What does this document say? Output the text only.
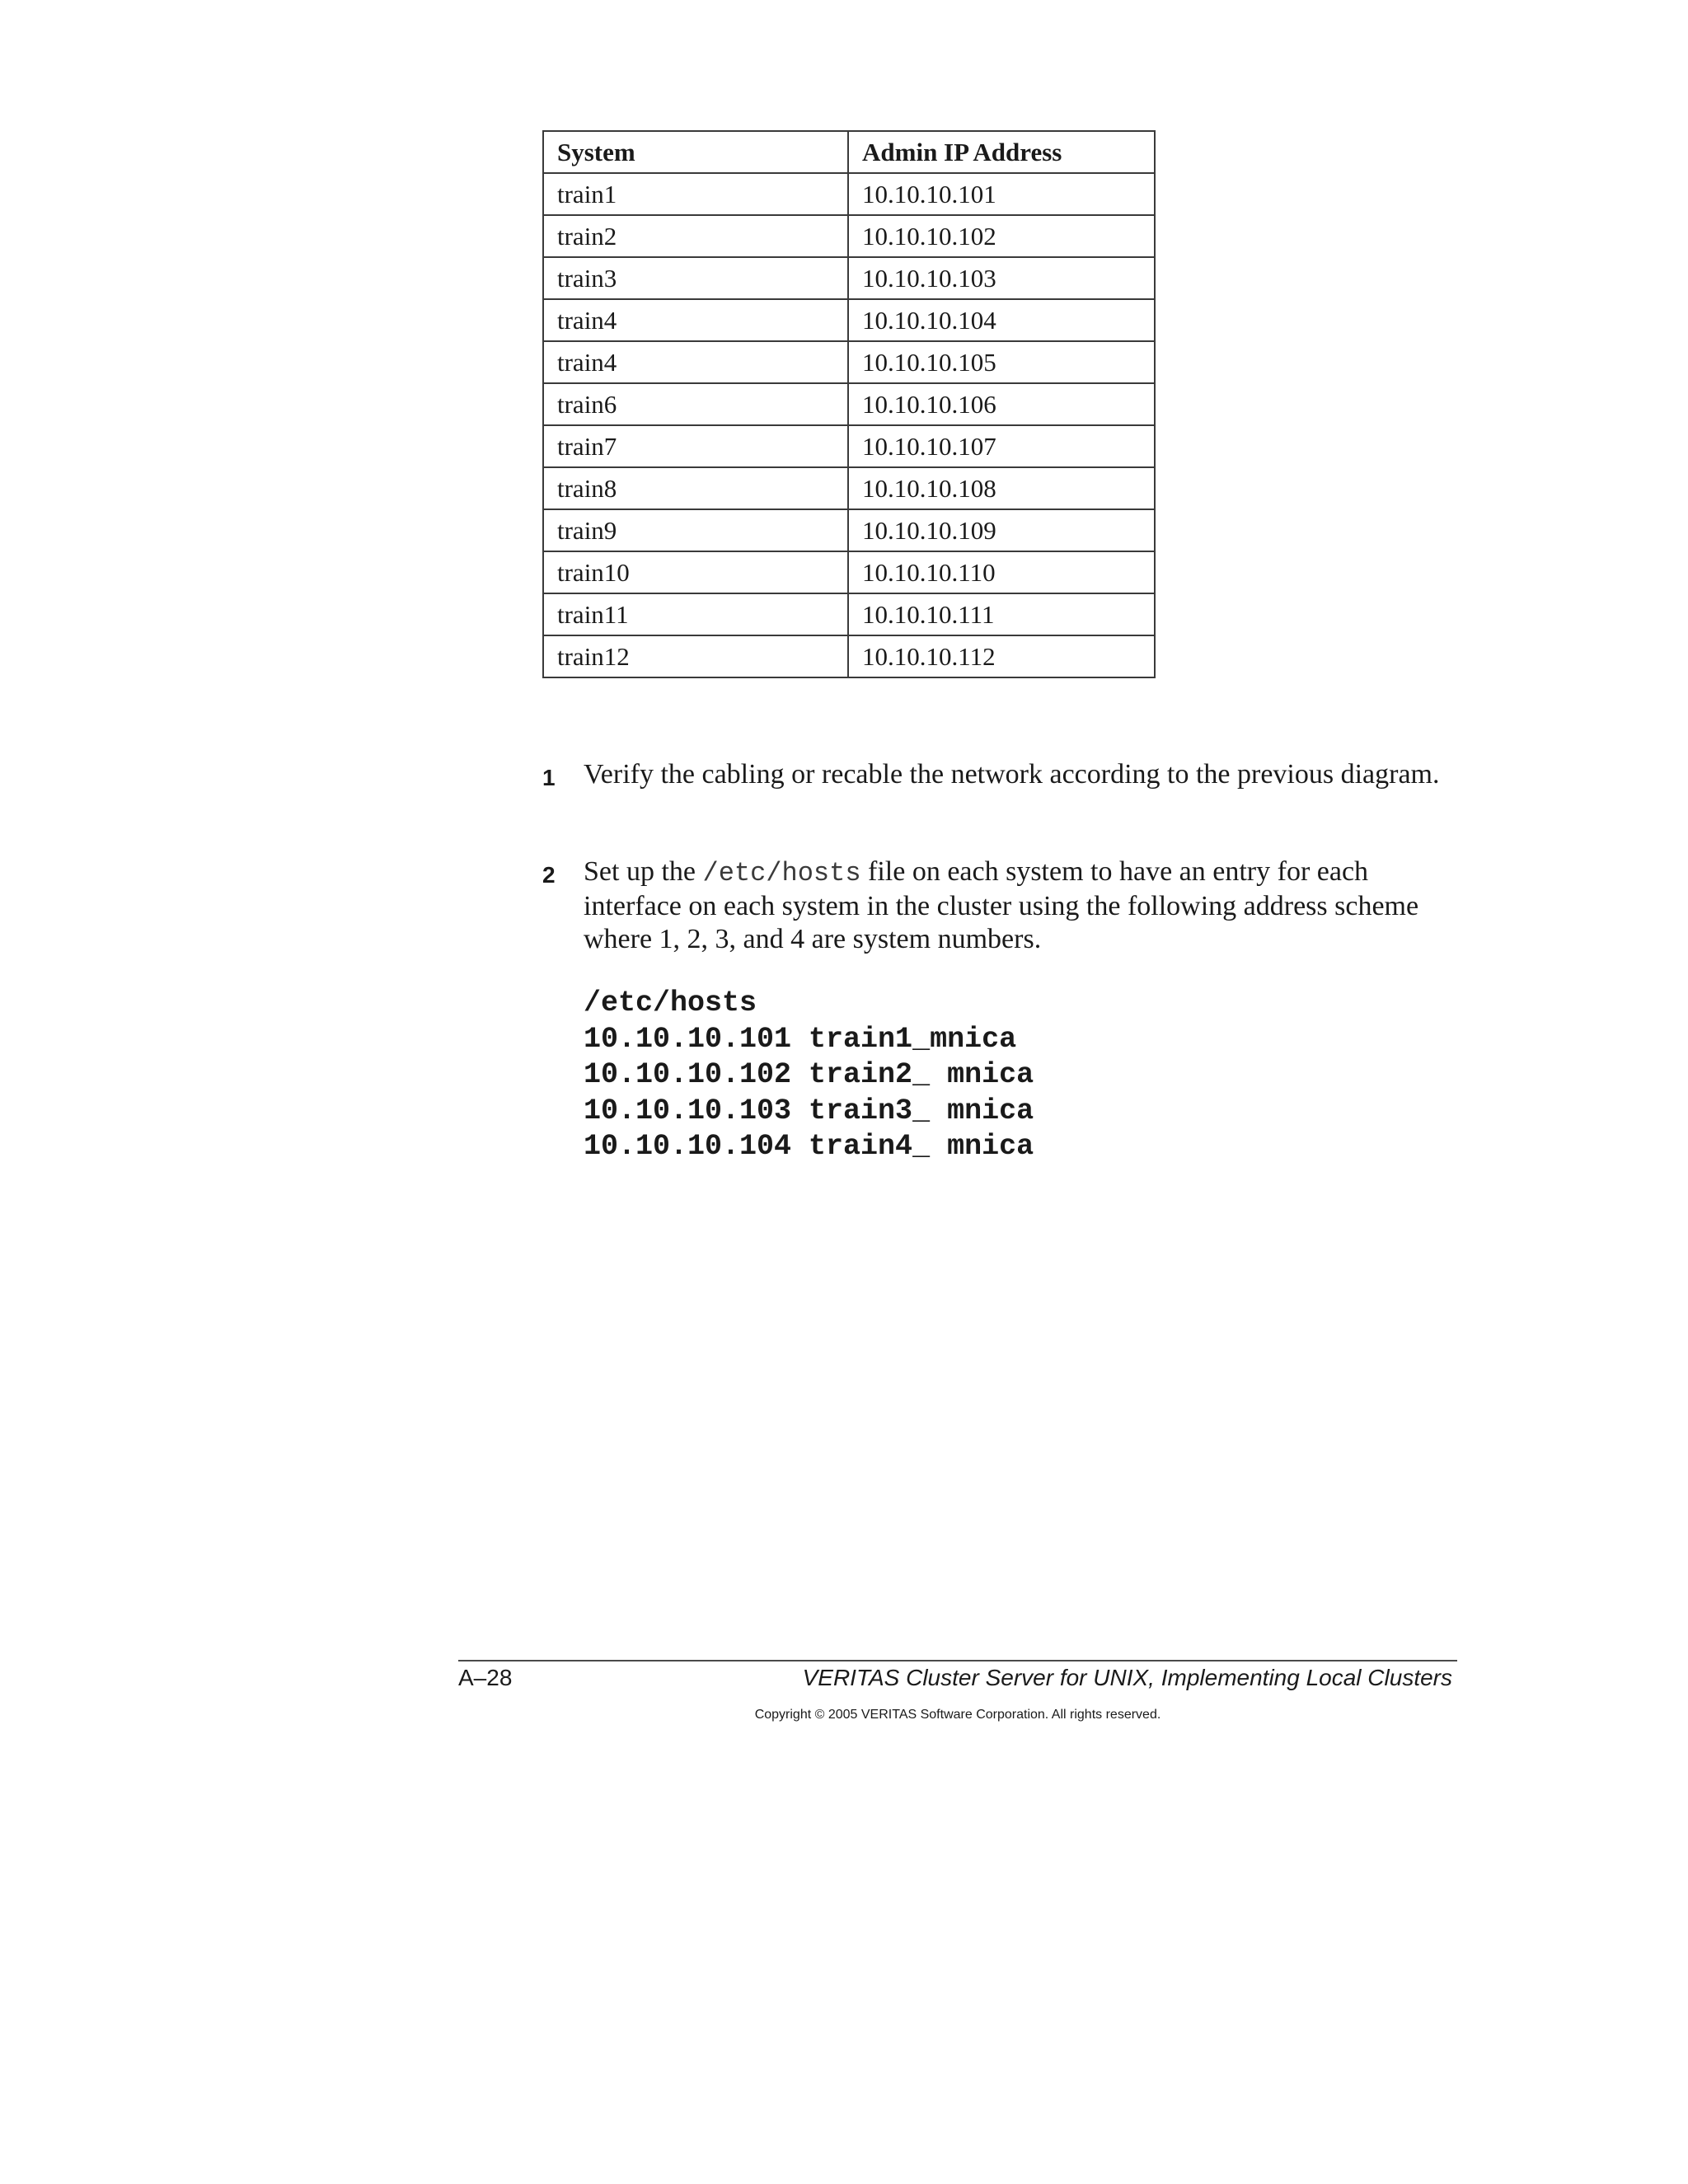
System	Admin IP Address
train1	10.10.10.101
train2	10.10.10.102
train3	10.10.10.103
train4	10.10.10.104
train4	10.10.10.105
train6	10.10.10.106
train7	10.10.10.107
train8	10.10.10.108
train9	10.10.10.109
train10	10.10.10.110
train11	10.10.10.111
train12	10.10.10.112
1 Verify the cabling or recable the network according to the previous diagram.
2 Set up the /etc/hosts file on each system to have an entry for each interface on each system in the cluster using the following address scheme where 1, 2, 3, and 4 are system numbers.
/etc/hosts
10.10.10.101 train1_mnica
10.10.10.102 train2_ mnica
10.10.10.103 train3_ mnica
10.10.10.104 train4_ mnica
A–28	VERITAS Cluster Server for UNIX, Implementing Local Clusters
Copyright © 2005 VERITAS Software Corporation. All rights reserved.
